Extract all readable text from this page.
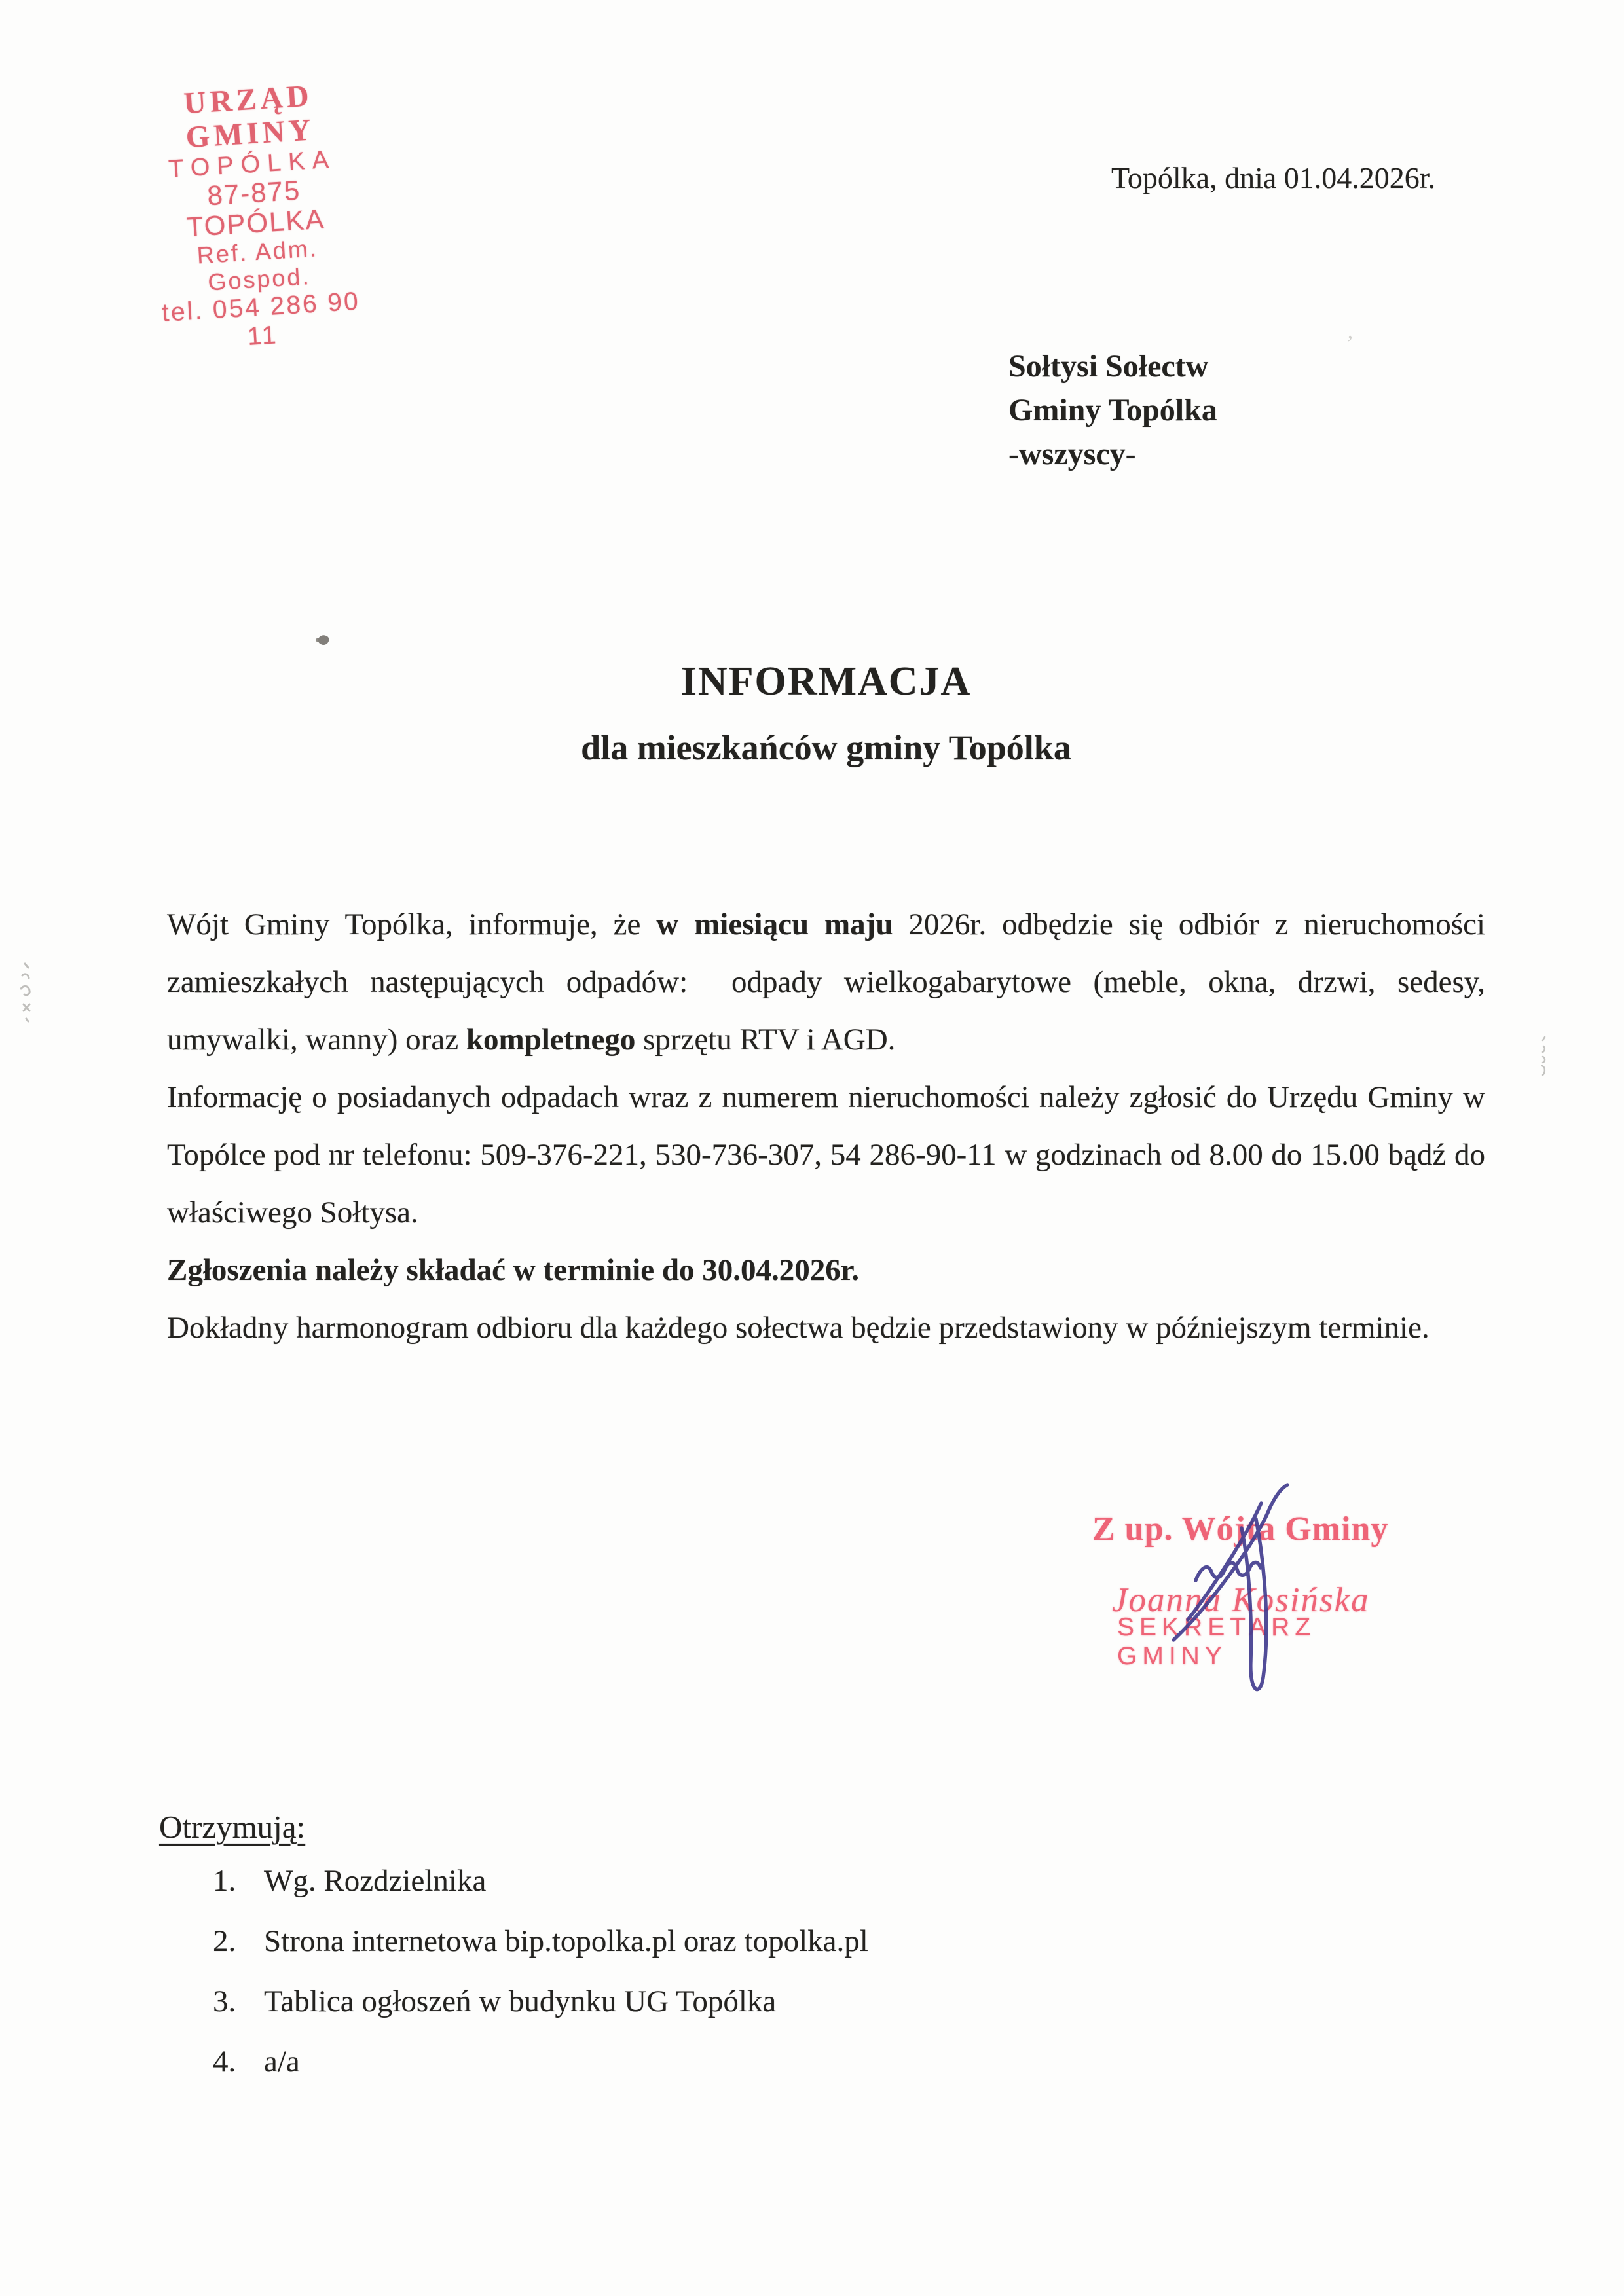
URZĄD GMINY
TOPÓLKA
87-875 TOPÓLKA
Ref. Adm. Gospod.
tel. 054 286 90 11
Topólka, dnia 01.04.2026r.
Sołtysi Sołectw
Gminy Topólka
-wszyscy-
INFORMACJA
dla mieszkańców gminy Topólka

Wójt Gminy Topólka, informuje, że w miesiącu maju 2026r. odbędzie się odbiór z nieruchomości zamieszkałych następujących odpadów:  odpady wielkogabarytowe (meble, okna, drzwi, sedesy, umywalki, wanny) oraz kompletnego sprzętu RTV i AGD.

Informację o posiadanych odpadach wraz z numerem nieruchomości należy zgłosić do Urzędu Gminy w Topólce pod nr telefonu: 509-376-221, 530-736-307, 54 286-90-11 w godzinach od 8.00 do 15.00 bądź do właściwego Sołtysa.

Zgłoszenia należy składać w terminie do 30.04.2026r.

Dokładny harmonogram odbioru dla każdego sołectwa będzie przedstawiony w późniejszym terminie.

Z up. Wójta Gminy
Joanna Kosińska
SEKRETARZ GMINY
Otrzymują:
1. Wg. Rozdzielnika
2. Strona internetowa bip.topolka.pl oraz topolka.pl
3. Tablica ogłoszeń w budynku UG Topólka
4. a/a
’
